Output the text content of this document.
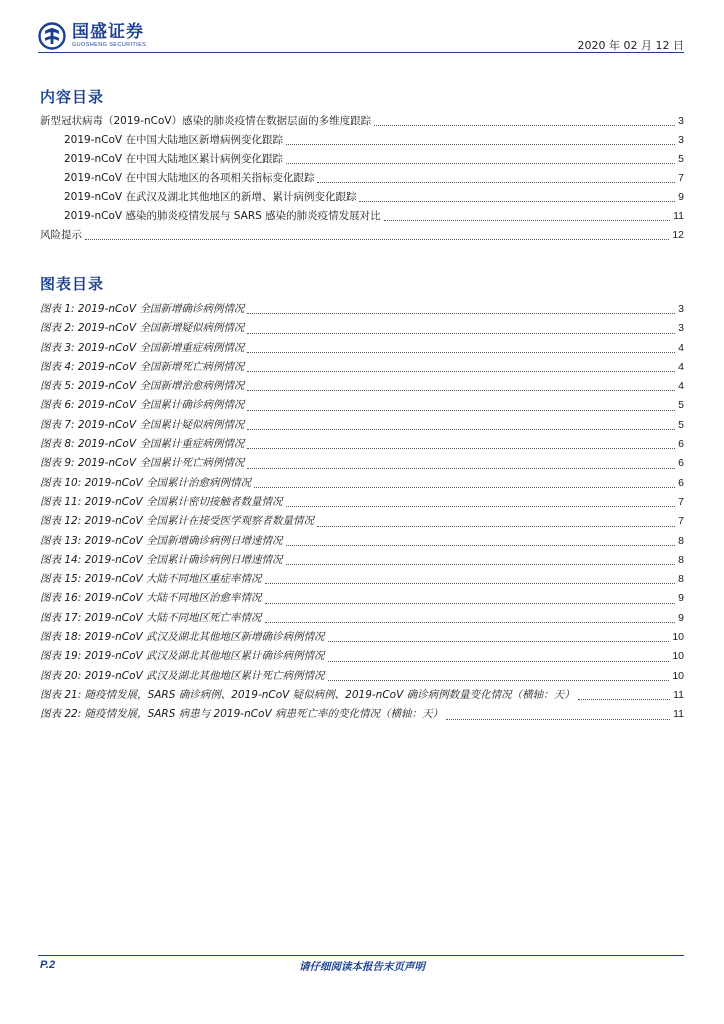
国盛证券
GUOSHENG SECURITIES	2020 年 02 月 12 日
内容目录
新型冠状病毒（2019-nCoV）感染的肺炎疫情在数据层面的多维度跟踪	3
2019-nCoV 在中国大陆地区新增病例变化跟踪	3
2019-nCoV 在中国大陆地区累计病例变化跟踪	5
2019-nCoV 在中国大陆地区的各项相关指标变化跟踪	7
2019-nCoV 在武汉及湖北其他地区的新增、累计病例变化跟踪	9
2019-nCoV 感染的肺炎疫情发展与 SARS 感染的肺炎疫情发展对比	11
风险提示	12
图表目录
图表 1: 2019-nCoV 全国新增确诊病例情况	3
图表 2: 2019-nCoV 全国新增疑似病例情况	3
图表 3: 2019-nCoV 全国新增重症病例情况	4
图表 4: 2019-nCoV 全国新增死亡病例情况	4
图表 5: 2019-nCoV 全国新增治愈病例情况	4
图表 6: 2019-nCoV 全国累计确诊病例情况	5
图表 7: 2019-nCoV 全国累计疑似病例情况	5
图表 8: 2019-nCoV 全国累计重症病例情况	6
图表 9: 2019-nCoV 全国累计死亡病例情况	6
图表 10: 2019-nCoV 全国累计治愈病例情况	6
图表 11: 2019-nCoV 全国累计密切接触者数量情况	7
图表 12: 2019-nCoV 全国累计在接受医学观察者数量情况	7
图表 13: 2019-nCoV 全国新增确诊病例日增速情况	8
图表 14: 2019-nCoV 全国累计确诊病例日增速情况	8
图表 15: 2019-nCoV 大陆不同地区重症率情况	8
图表 16: 2019-nCoV 大陆不同地区治愈率情况	9
图表 17: 2019-nCoV 大陆不同地区死亡率情况	9
图表 18: 2019-nCoV 武汉及湖北其他地区新增确诊病例情况	10
图表 19: 2019-nCoV 武汉及湖北其他地区累计确诊病例情况	10
图表 20: 2019-nCoV 武汉及湖北其他地区累计死亡病例情况	10
图表 21: 随疫情发展，SARS 确诊病例、2019-nCoV 疑似病例、2019-nCoV 确诊病例数量变化情况（横轴：天）	11
图表 22: 随疫情发展，SARS 病患与 2019-nCoV 病患死亡率的变化情况（横轴：天）	11
P.2	请仔细阅读本报告末页声明
